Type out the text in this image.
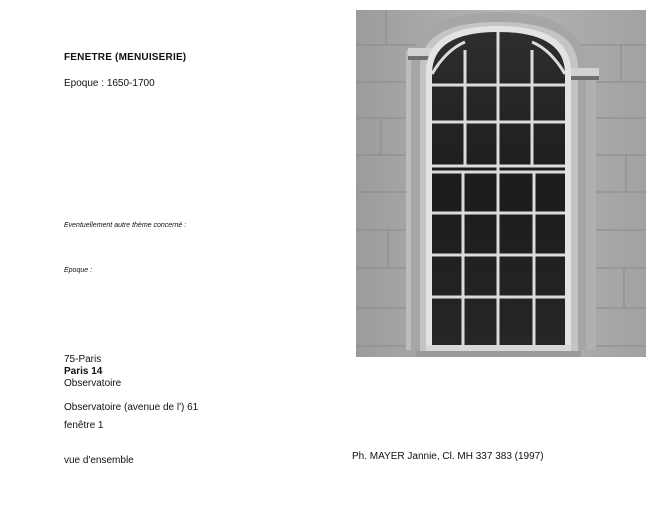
FENETRE (MENUISERIE)
Epoque : 1650-1700
Eventuellement autre thème concerné :
Epoque :
75-Paris
Paris 14
Observatoire
Observatoire (avenue de l') 61
fenêtre 1
vue d'ensemble	Ph. MAYER Jannie, Cl. MH 337 383 (1997)
